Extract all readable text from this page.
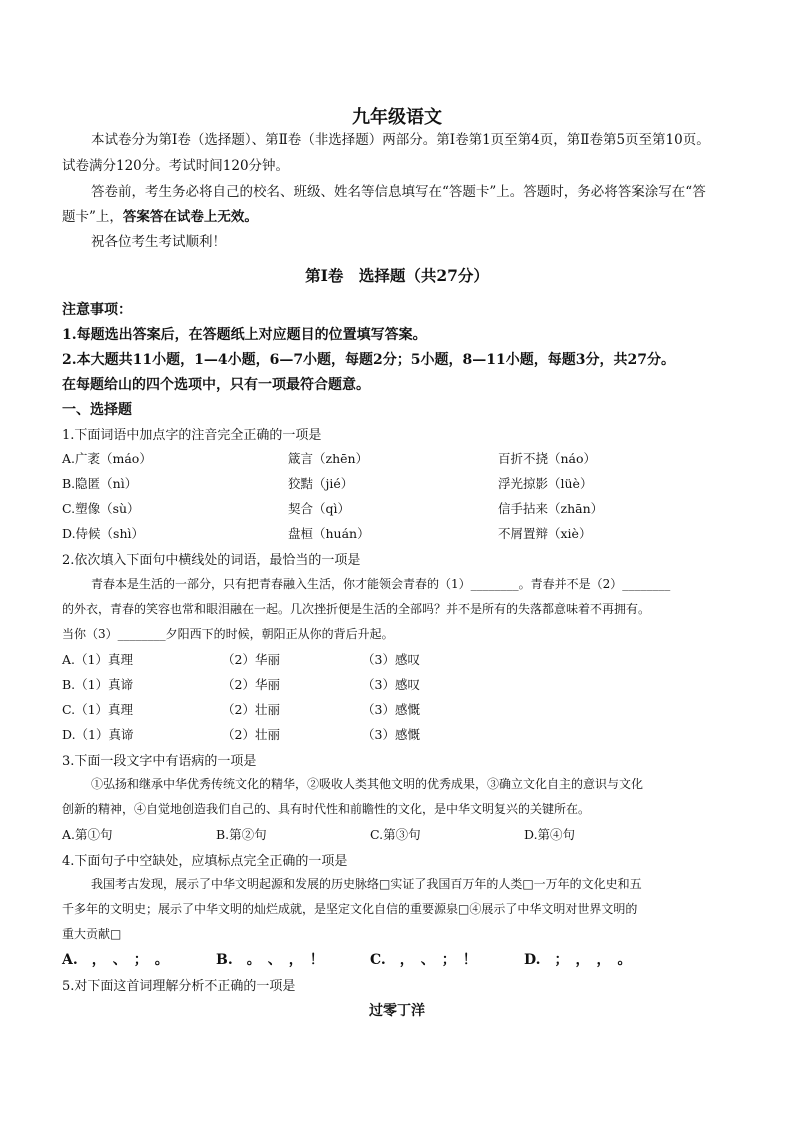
九年级语文
本试卷分为第Ⅰ卷（选择题）、第Ⅱ卷（非选择题）两部分。第Ⅰ卷第1页至第4页，第Ⅱ卷第5页至第10页。
试卷满分120分。考试时间120分钟。
答卷前，考生务必将自己的校名、班级、姓名等信息填写在“答题卡”上。答题时，务必将答案涂写在“答
题卡”上，答案答在试卷上无效。
祝各位考生考试顺利！
第Ⅰ卷　选择题（共27分）
注意事项：
1.每题选出答案后，在答题纸上对应题目的位置填写答案。
2.本大题共11小题，1—4小题，6—7小题，每题2分；5小题，8—11小题，每题3分，共27分。
在每题给山的四个选项中，只有一项最符合题意。
一、选择题
1.下面词语中加点字的注音完全正确的一项是
A.广袤（máo）	箴言（zhēn）	百折不挠（náo）
B.隐匿（nì）	狡黠（jié）	浮光掠影（lüè）
C.塑像（sù）	契合（qì）	信手拈来（zhān）
D.侍候（shì）	盘桓（huán）	不屑置辩（xiè）
2.依次填入下面句中横线处的词语，最恰当的一项是
青春本是生活的一部分，只有把青春融入生活，你才能领会青春的（1）________。青春并不是（2）________
的外衣，青春的笑容也常和眼泪融在一起。几次挫折便是生活的全部吗？并不是所有的失落都意味着不再拥有。
当你（3）________夕阳西下的时候，朝阳正从你的背后升起。
A.（1）真理	（2）华丽	（3）感叹
B.（1）真谛	（2）华丽	（3）感叹
C.（1）真理	（2）壮丽	（3）感慨
D.（1）真谛	（2）壮丽	（3）感慨
3.下面一段文字中有语病的一项是
①弘扬和继承中华优秀传统文化的精华，②吸收人类其他文明的优秀成果，③确立文化自主的意识与文化
创新的精神，④自觉地创造我们自己的、具有时代性和前瞻性的文化，是中华文明复兴的关键所在。
A.第①句	B.第②句	C.第③句	D.第④句
4.下面句子中空缺处，应填标点完全正确的一项是
我国考古发现，展示了中华文明起源和发展的历史脉络□实证了我国百万年的人类□一万年的文化史和五
千多年的文明史；展示了中华文明的灿烂成就，是坚定文化自信的重要源泉□④展示了中华文明对世界文明的
重大贡献□
A.　，　、　；　。	B.　。　、　，　！	C.　，　、　；　！	D.　；　，　，　。
5.对下面这首词理解分析不正确的一项是
过零丁洋
